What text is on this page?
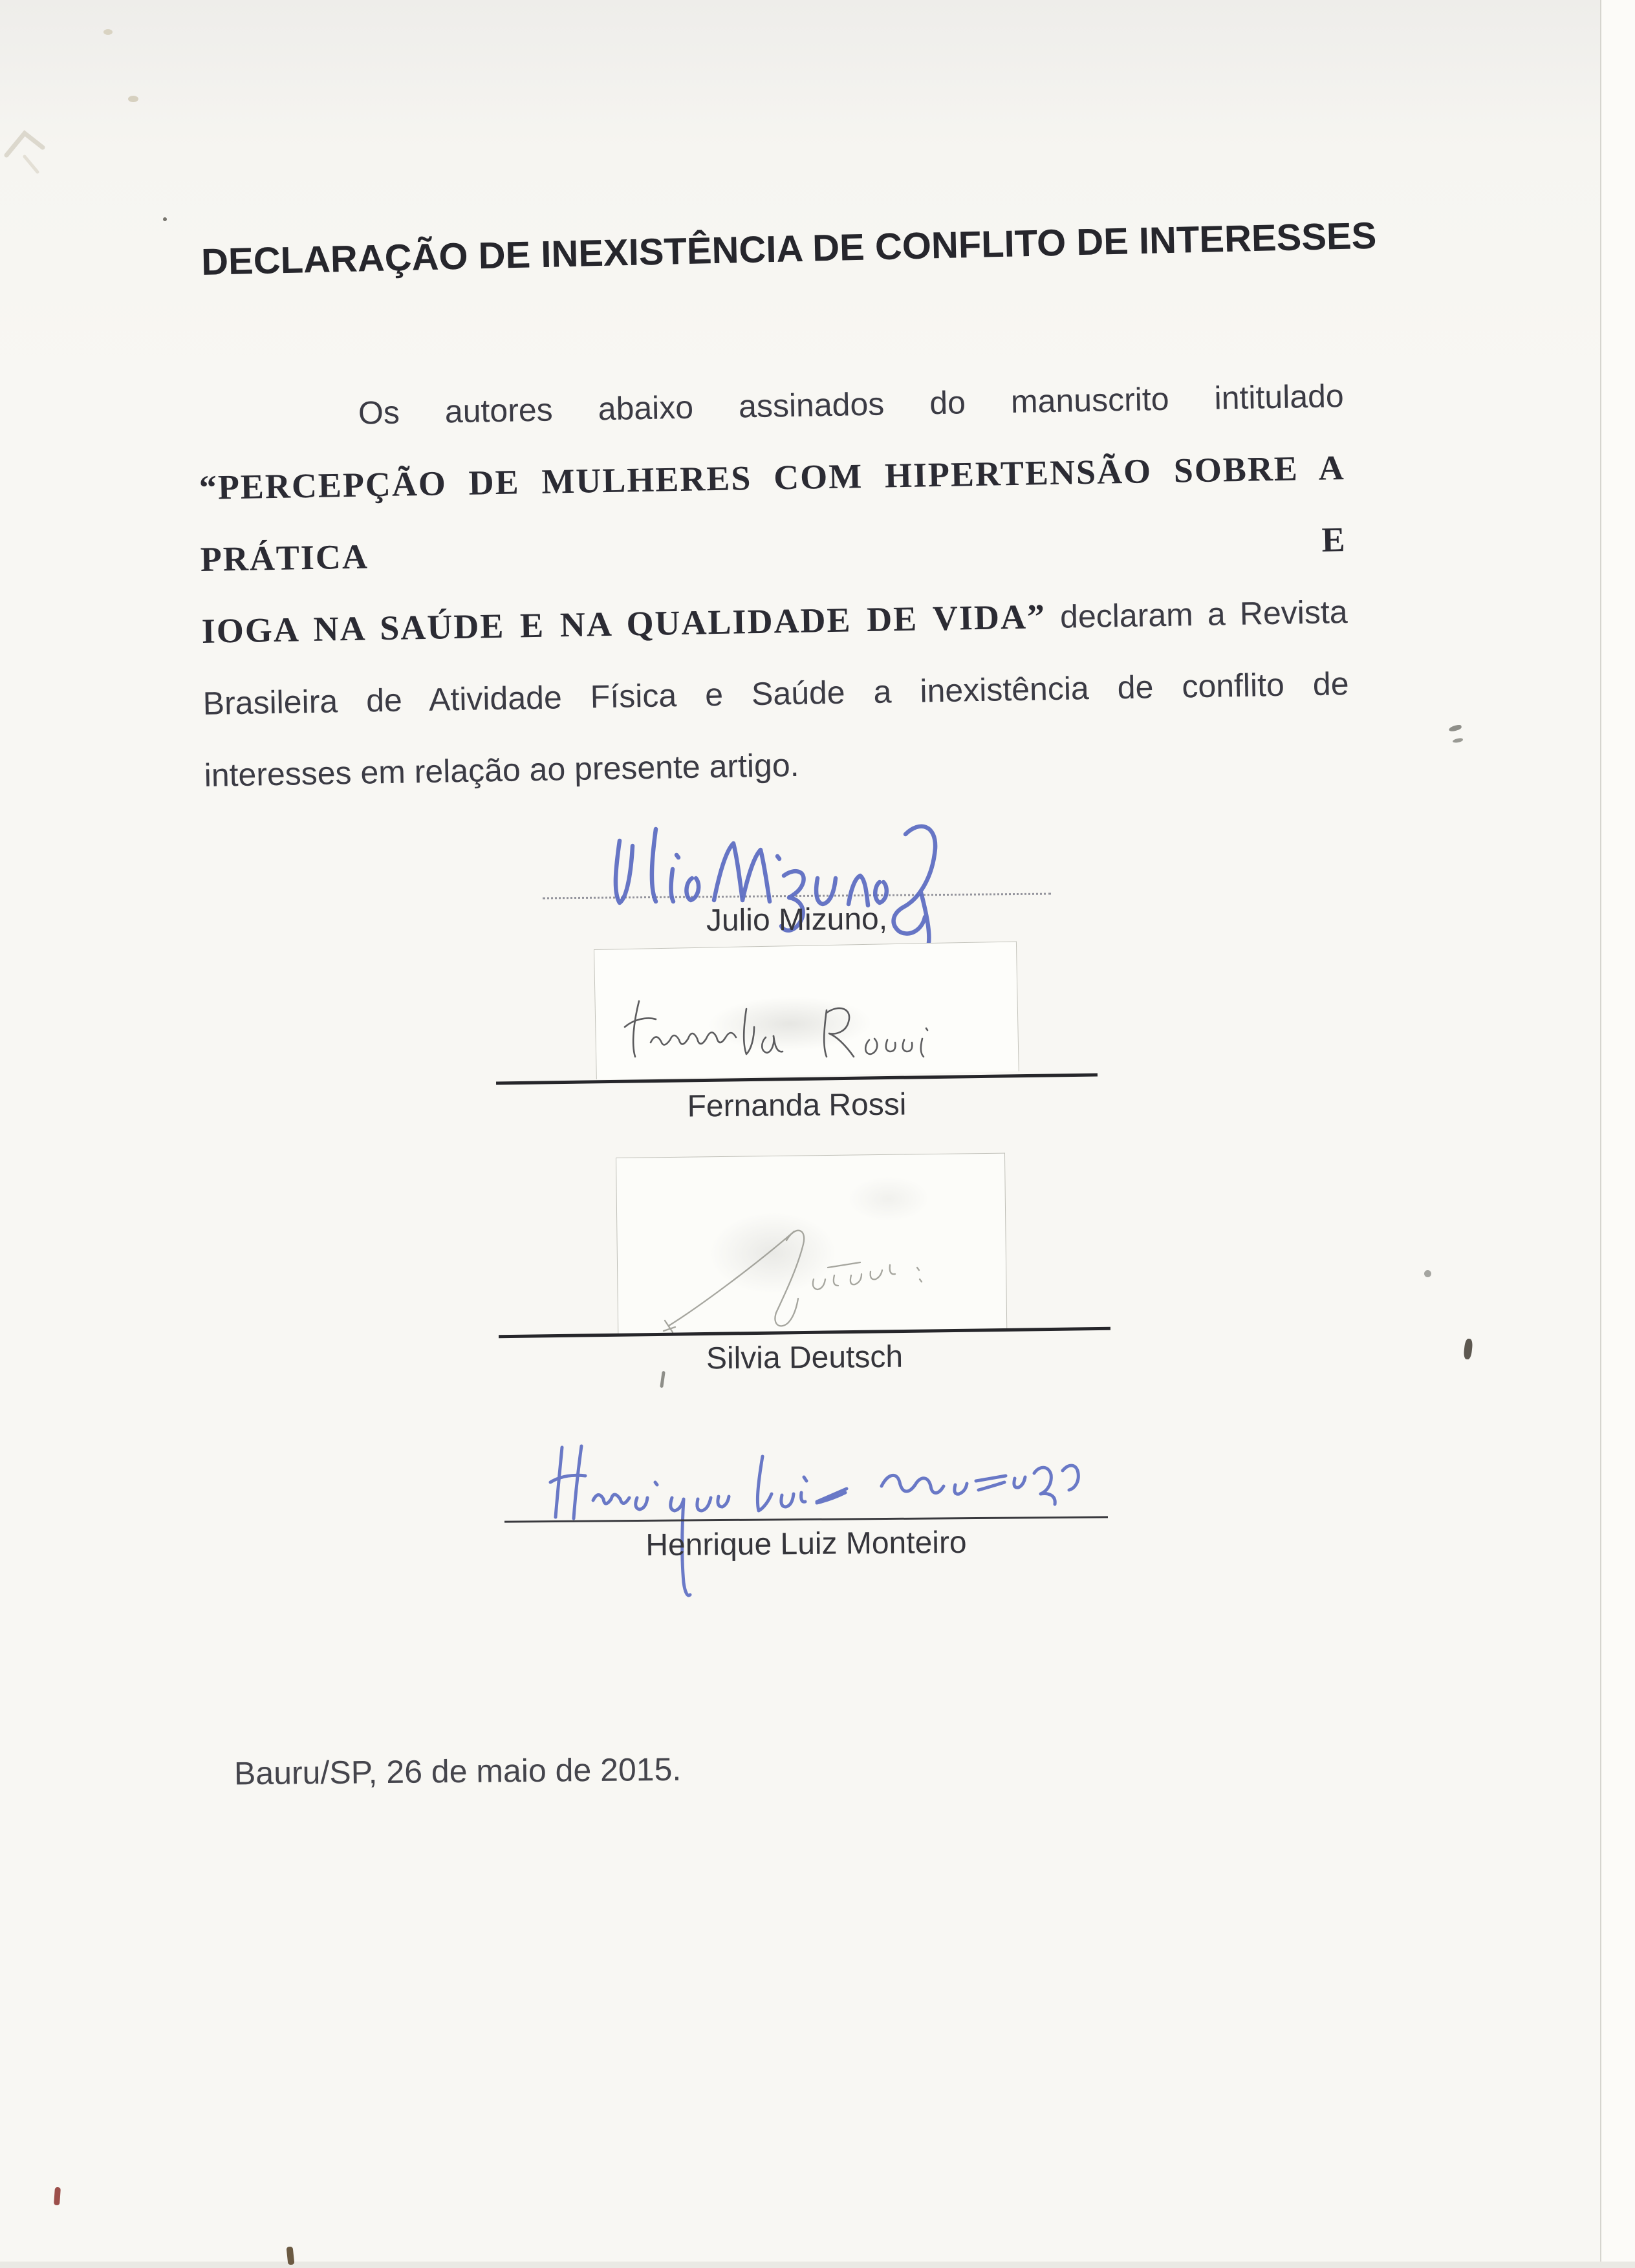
DECLARAÇÃO DE INEXISTÊNCIA DE CONFLITO DE INTERESSES
Os autores abaixo assinados do manuscrito intitulado
“PERCEPÇÃO DE MULHERES COM HIPERTENSÃO SOBRE A PRÁTICA E
IOGA NA SAÚDE E NA QUALIDADE DE VIDA” declaram a Revista
Brasileira de Atividade Física e Saúde a inexistência de conflito de
interesses em relação ao presente artigo.
Julio Mizuno,
Fernanda Rossi
Silvia Deutsch
Henrique Luiz Monteiro
Bauru/SP, 26 de maio de 2015.
